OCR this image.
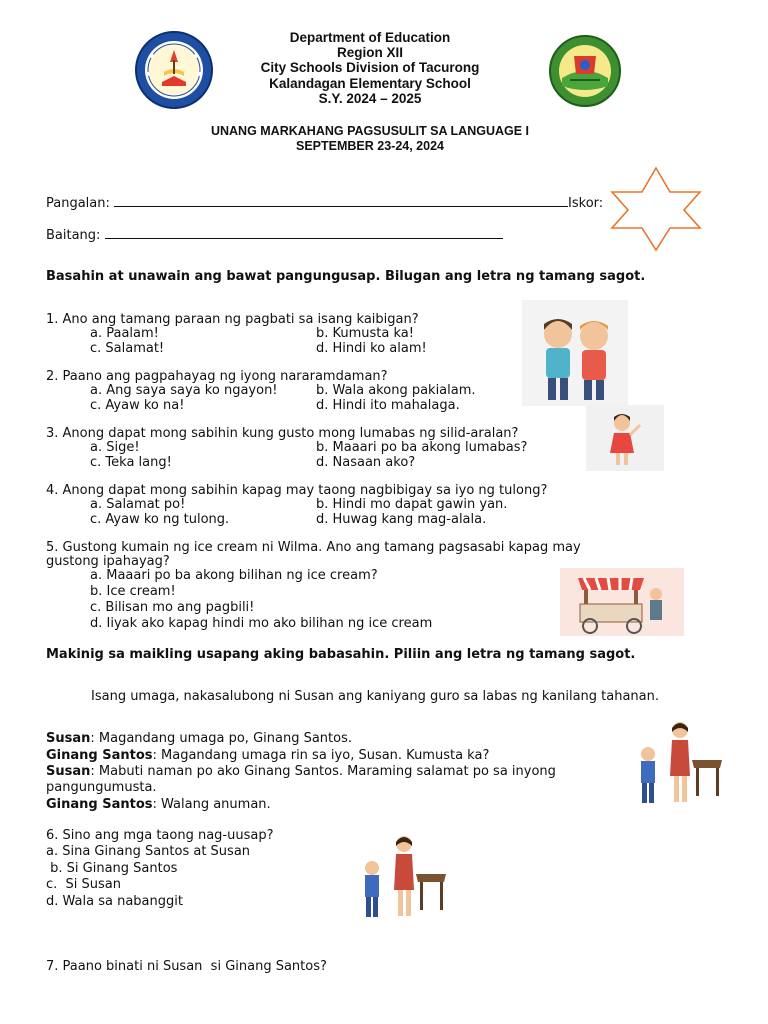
Department of Education
Region XII
City Schools Division of Tacurong
Kalandagan Elementary School
S.Y. 2024 – 2025
UNANG MARKAHANG PAGSUSULIT SA LANGUAGE I
SEPTEMBER 23-24, 2024
Pangalan:	Iskor:
Baitang:
Basahin at unawain ang bawat pangungusap. Bilugan ang letra ng tamang sagot.
1. Ano ang tamang paraan ng pagbati sa isang kaibigan?
a. Paalam!	b. Kumusta ka!
c. Salamat!	d. Hindi ko alam!
2. Paano ang pagpahayag ng iyong nararamdaman?
a. Ang saya saya ko ngayon!	b. Wala akong pakialam.
c. Ayaw ko na!	d. Hindi ito mahalaga.
3. Anong dapat mong sabihin kung gusto mong lumabas ng silid-aralan?
a. Sige!	b. Maaari po ba akong lumabas?
c. Teka lang!	d. Nasaan ako?
4. Anong dapat mong sabihin kapag may taong nagbibigay sa iyo ng tulong?
a. Salamat po!	b. Hindi mo dapat gawin yan.
c. Ayaw ko ng tulong.	d. Huwag kang mag-alala.
5. Gustong kumain ng ice cream ni Wilma. Ano ang tamang pagsasabi kapag may
gustong ipahayag?
a. Maaari po ba akong bilihan ng ice cream?
b. Ice cream!
c. Bilisan mo ang pagbili!
d. Iiyak ako kapag hindi mo ako bilihan ng ice cream
Makinig sa maikling usapang aking babasahin. Piliin ang letra ng tamang sagot.
Isang umaga, nakasalubong ni Susan ang kaniyang guro sa labas ng kanilang tahanan.
Susan: Magandang umaga po, Ginang Santos.
Ginang Santos: Magandang umaga rin sa iyo, Susan. Kumusta ka?
Susan: Mabuti naman po ako Ginang Santos. Maraming salamat po sa inyong
pangungumusta.
Ginang Santos: Walang anuman.
6. Sino ang mga taong nag-uusap?
a. Sina Ginang Santos at Susan
b. Si Ginang Santos
c.  Si Susan
d. Wala sa nabanggit
7. Paano binati ni Susan  si Ginang Santos?
